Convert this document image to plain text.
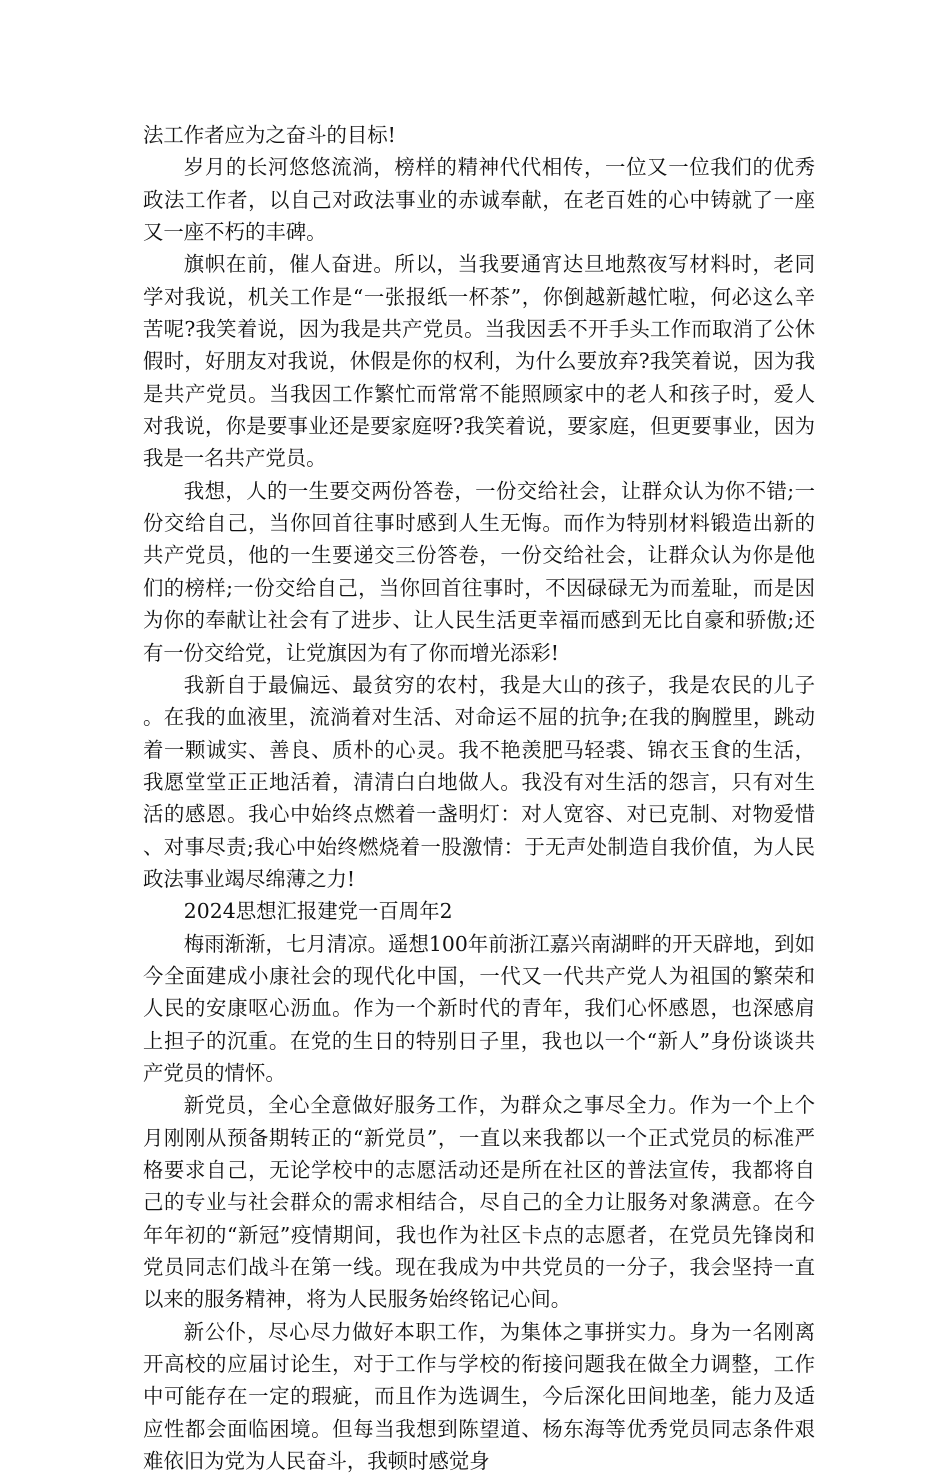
法工作者应为之奋斗的目标!

岁月的长河悠悠流淌，榜样的精神代代相传，一位又一位我们的优秀政法工作者，以自己对政法事业的赤诚奉献，在老百姓的心中铸就了一座又一座不朽的丰碑。

旗帜在前，催人奋进。所以，当我要通宵达旦地熬夜写材料时，老同学对我说，机关工作是“一张报纸一杯茶”，你倒越新越忙啦，何必这么辛苦呢?我笑着说，因为我是共产党员。当我因丢不开手头工作而取消了公休假时，好朋友对我说，休假是你的权利，为什么要放弃?我笑着说，因为我是共产党员。当我因工作繁忙而常常不能照顾家中的老人和孩子时，爱人对我说，你是要事业还是要家庭呀?我笑着说，要家庭，但更要事业，因为我是一名共产党员。

我想，人的一生要交两份答卷，一份交给社会，让群众认为你不错;一份交给自己，当你回首往事时感到人生无悔。而作为特别材料锻造出新的共产党员，他的一生要递交三份答卷，一份交给社会，让群众认为你是他们的榜样;一份交给自己，当你回首往事时，不因碌碌无为而羞耻，而是因为你的奉献让社会有了进步、让人民生活更幸福而感到无比自豪和骄傲;还有一份交给党，让党旗因为有了你而增光添彩!

我新自于最偏远、最贫穷的农村，我是大山的孩子，我是农民的儿子。在我的血液里，流淌着对生活、对命运不屈的抗争;在我的胸膛里，跳动着一颗诚实、善良、质朴的心灵。我不艳羡肥马轻裘、锦衣玉食的生活，我愿堂堂正正地活着，清清白白地做人。我没有对生活的怨言，只有对生活的感恩。我心中始终点燃着一盏明灯：对人宽容、对已克制、对物爱惜、对事尽责;我心中始终燃烧着一股激情：于无声处制造自我价值，为人民政法事业竭尽绵薄之力!

2024思想汇报建党一百周年2

梅雨渐渐，七月清凉。遥想100年前浙江嘉兴南湖畔的开天辟地，到如今全面建成小康社会的现代化中国，一代又一代共产党人为祖国的繁荣和人民的安康呕心沥血。作为一个新时代的青年，我们心怀感恩，也深感肩上担子的沉重。在党的生日的特别日子里，我也以一个“新人”身份谈谈共产党员的情怀。

新党员，全心全意做好服务工作，为群众之事尽全力。作为一个上个月刚刚从预备期转正的“新党员”，一直以来我都以一个正式党员的标准严格要求自己，无论学校中的志愿活动还是所在社区的普法宣传，我都将自己的专业与社会群众的需求相结合，尽自己的全力让服务对象满意。在今年年初的“新冠”疫情期间，我也作为社区卡点的志愿者，在党员先锋岗和党员同志们战斗在第一线。现在我成为中共党员的一分子，我会坚持一直以来的服务精神，将为人民服务始终铭记心间。

新公仆，尽心尽力做好本职工作，为集体之事拼实力。身为一名刚离开高校的应届讨论生，对于工作与学校的衔接问题我在做全力调整，工作中可能存在一定的瑕疵，而且作为选调生，今后深化田间地垄，能力及适应性都会面临困境。但每当我想到陈望道、杨东海等优秀党员同志条件艰难依旧为党为人民奋斗，我顿时感觉身
